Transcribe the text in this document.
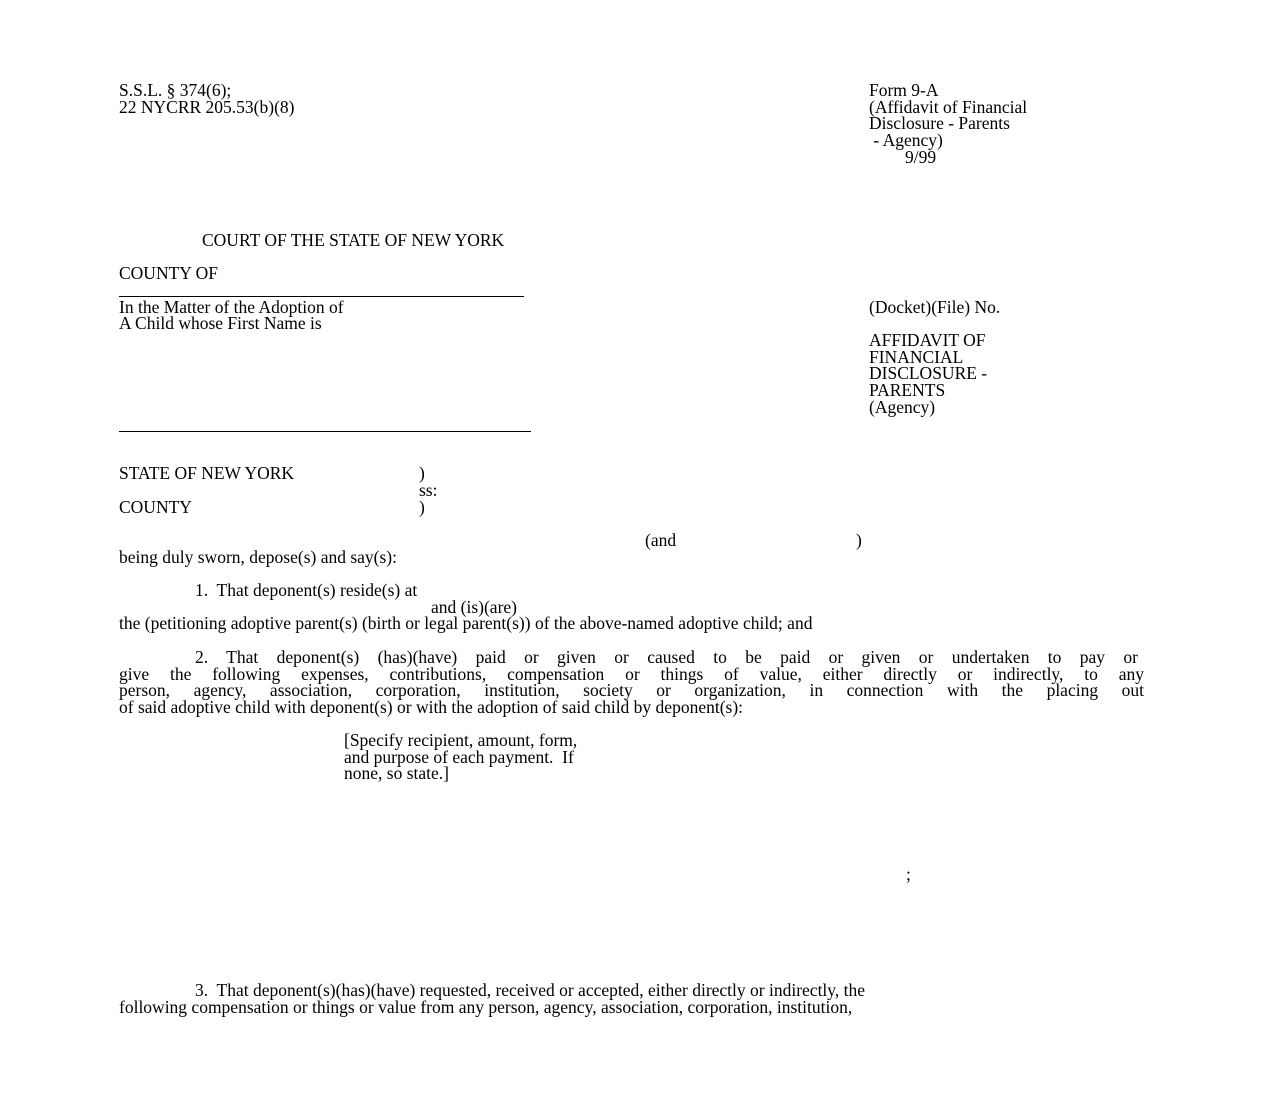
S.S.L. § 374(6);
22 NYCRR 205.53(b)(8)
Form 9-A
(Affidavit of Financial
Disclosure - Parents
- Agency)
9/99
COURT OF THE STATE OF NEW YORK
COUNTY OF
In the Matter of the Adoption of
A Child whose First Name is
(Docket)(File) No.
AFFIDAVIT OF
FINANCIAL
DISCLOSURE -
PARENTS
(Agency)
STATE OF NEW YORK	)
ss:
COUNTY	)
(and	)
being duly sworn, depose(s) and say(s):
1.  That deponent(s) reside(s) at
and (is)(are)
the (petitioning adoptive parent(s) (birth or legal parent(s)) of the above-named adoptive child; and
2. That deponent(s) (has)(have) paid or given or caused to be paid or given or undertaken to pay or
give the following expenses, contributions, compensation or things of value, either directly or indirectly, to any
person, agency, association, corporation, institution, society or organization, in connection with the placing out
of said adoptive child with deponent(s) or with the adoption of said child by deponent(s):
[Specify recipient, amount, form,
and purpose of each payment.  If
none, so state.]
;
3.  That deponent(s)(has)(have) requested, received or accepted, either directly or indirectly, the
following compensation or things or value from any person, agency, association, corporation, institution,
